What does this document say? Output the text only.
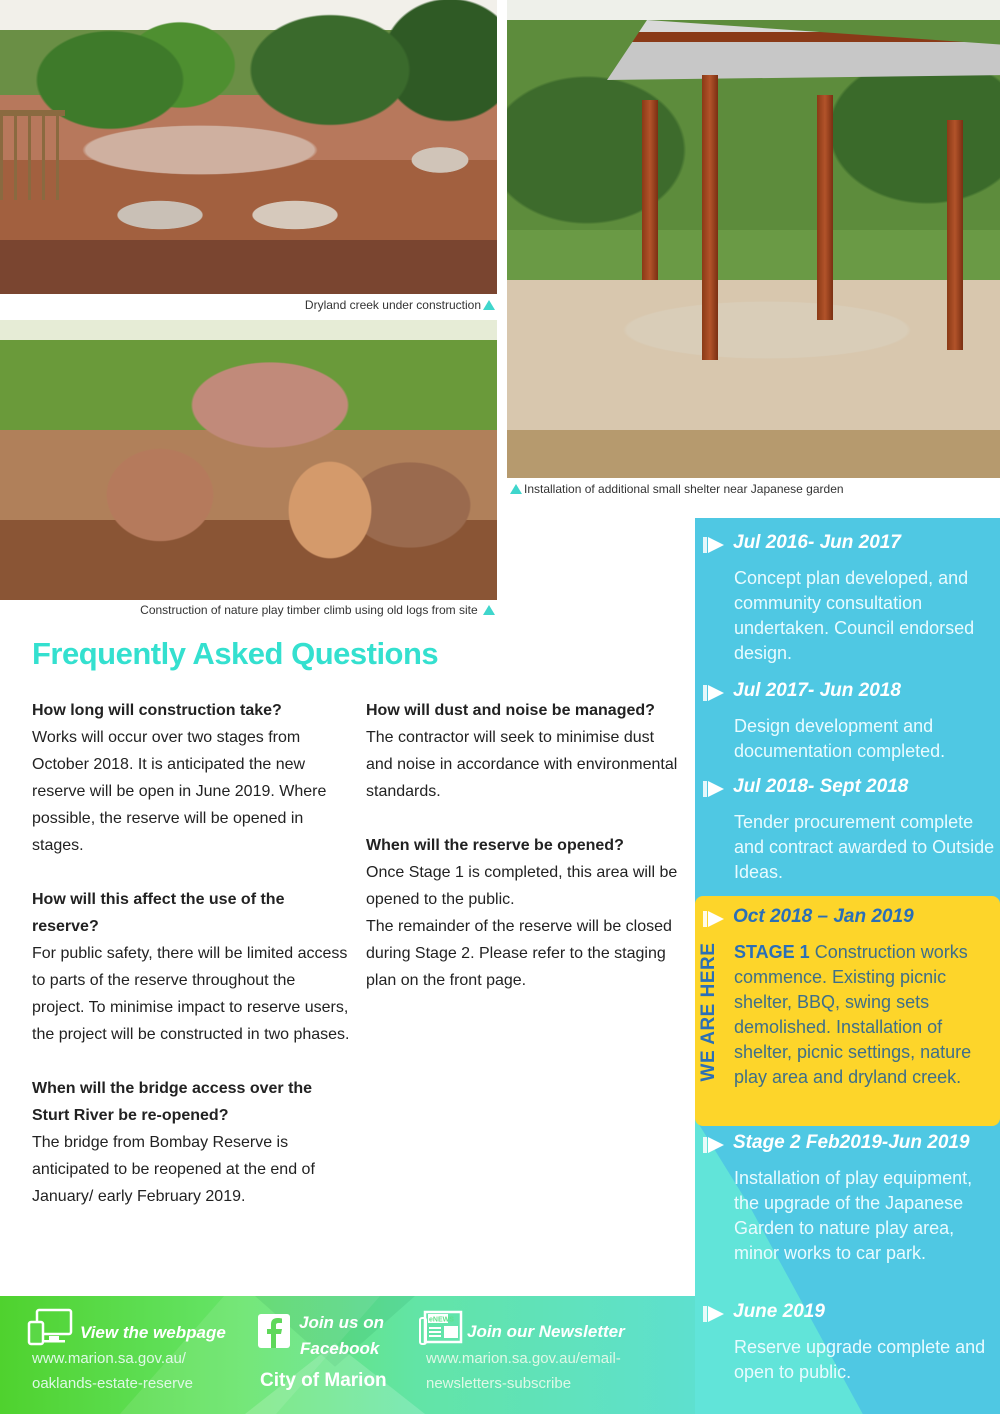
Dryland creek under construction
Installation of additional small shelter near Japanese garden
Construction of nature play timber climb using old logs from site
Frequently Asked Questions
How long will construction take?

Works will occur over two stages from October 2018. It is anticipated the new reserve will be open in June 2019. Where possible, the reserve will be opened in stages.

How will this affect the use of the reserve?

For public safety, there will be limited access to parts of the reserve throughout the project. To minimise impact to reserve users, the project will be constructed in two phases.

When will the bridge access over the Sturt River be re-opened?

The bridge from Bombay Reserve is anticipated to be reopened at the end of January/ early February 2019.

How will dust and noise be managed?

The contractor will seek to minimise dust and noise in accordance with environmental standards.

When will the reserve be opened?

Once Stage 1 is completed, this area will be opened to the public.

The remainder of the reserve will be closed during Stage 2. Please refer to the staging plan on the front page.

Jul 2016- Jun 2017
Concept plan developed, and community consultation undertaken. Council endorsed design.
Jul 2017- Jun 2018
Design development and documentation completed.
Jul 2018- Sept 2018
Tender procurement complete and contract awarded to Outside Ideas.
Stage 2 Feb2019-Jun 2019
Installation of play equipment, the upgrade of the Japanese Garden to nature play area, minor works to car park.
June 2019
Reserve upgrade complete and open to public.
WE ARE HERE
Oct 2018 – Jan 2019
STAGE 1 Construction works commence. Existing picnic shelter, BBQ, swing sets demolished. Installation of shelter, picnic settings, nature play area and dryland creek.
View the webpage
www.marion.sa.gov.au/
oaklands-estate-reserve
Join us on
Facebook
City of Marion
eNEWS
Join our Newsletter
www.marion.sa.gov.au/email-
newsletters-subscribe
